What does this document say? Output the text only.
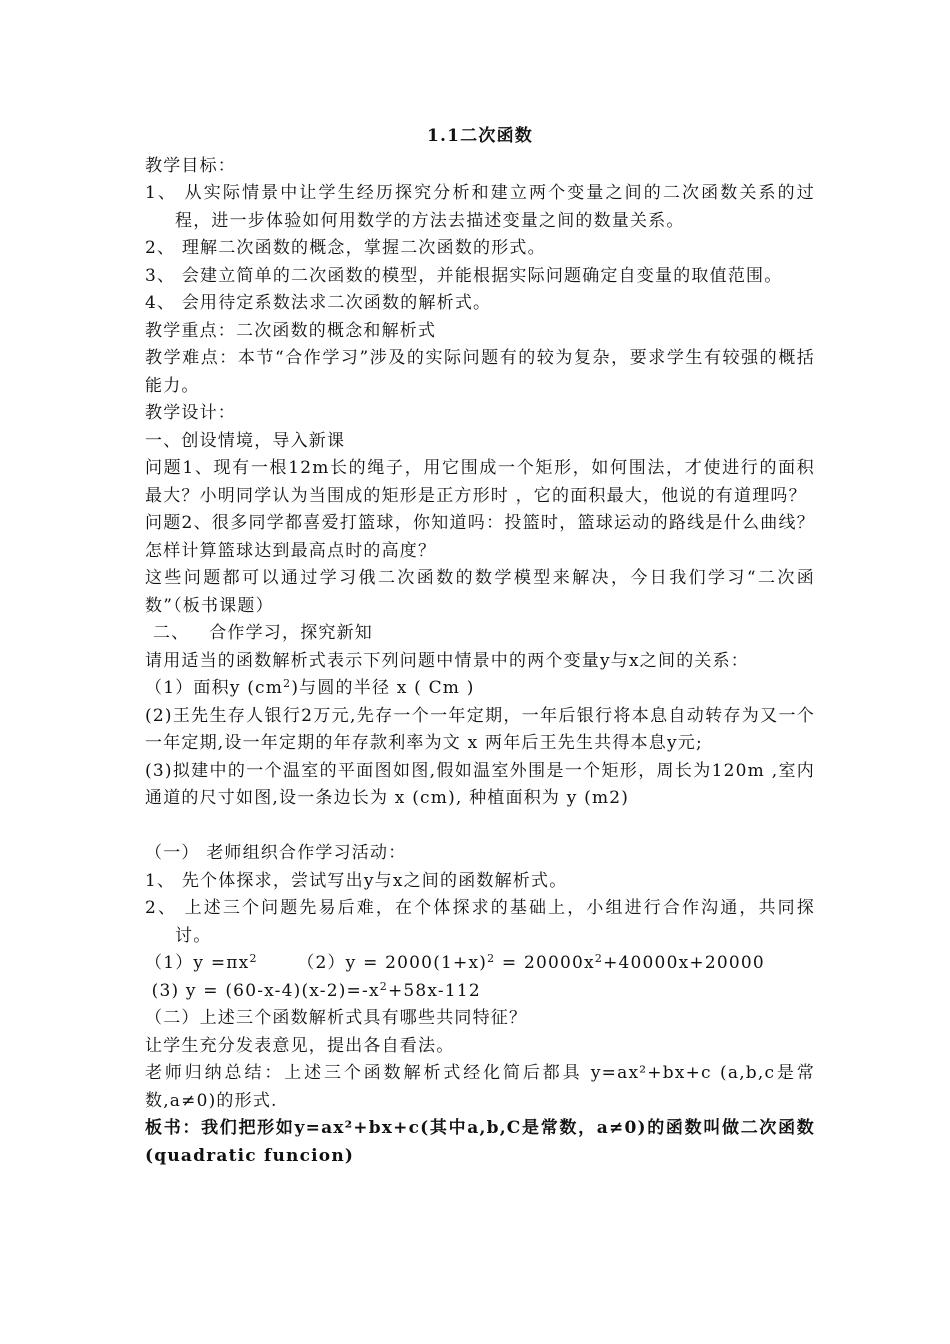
1.1二次函数

教学目标：

1、 从实际情景中让学生经历探究分析和建立两个变量之间的二次函数关系的过程，进一步体验如何用数学的方法去描述变量之间的数量关系。

2、 理解二次函数的概念，掌握二次函数的形式。

3、 会建立简单的二次函数的模型，并能根据实际问题确定自变量的取值范围。

4、 会用待定系数法求二次函数的解析式。

教学重点：二次函数的概念和解析式

教学难点：本节“合作学习”涉及的实际问题有的较为复杂，要求学生有较强的概括能力。

教学设计：

一、创设情境，导入新课

问题1、现有一根12m长的绳子，用它围成一个矩形，如何围法，才使进行的面积最大？小明同学认为当围成的矩形是正方形时 ，它的面积最大，他说的有道理吗？

问题2、很多同学都喜爱打篮球，你知道吗：投篮时，篮球运动的路线是什么曲线？怎样计算篮球达到最高点时的高度？

这些问题都可以通过学习俄二次函数的数学模型来解决，今日我们学习“二次函数”（板书课题）

二、   合作学习，探究新知

请用适当的函数解析式表示下列问题中情景中的两个变量y与x之间的关系：

（1）面积y $(cm^2)$与圆的半径 x ( Cm )

(2)王先生存人银行2万元,先存一个一年定期，一年后银行将本息自动转存为又一个一年定期,设一年定期的年存款利率为文 x 两年后王先生共得本息y元;

(3)拟建中的一个温室的平面图如图,假如温室外围是一个矩形，周长为120m ,室内通道的尺寸如图,设一条边长为 x (cm), 种植面积为 y (m2)

（一） 老师组织合作学习活动：

1、 先个体探求，尝试写出y与x之间的函数解析式。

2、 上述三个问题先易后难，在个体探求的基础上，小组进行合作沟通，共同探讨。

$(1)y =\pi x^2$ $(2)y = 2000(1+x)^2 = 20000x^2+40000x+20000$

(3) $y = (60-x-4)(x-2)=-x^2+58x-112$

（二）上述三个函数解析式具有哪些共同特征？

让学生充分发表意见，提出各自看法。

老师归纳总结：上述三个函数解析式经化简后都具 y=ax²+bx+c (a,b,c是常数,a≠0)的形式.

板书：我们把形如y=ax²+bx+c(其中a,b,C是常数，a≠0)的函数叫做二次函数(quadratic funcion)
